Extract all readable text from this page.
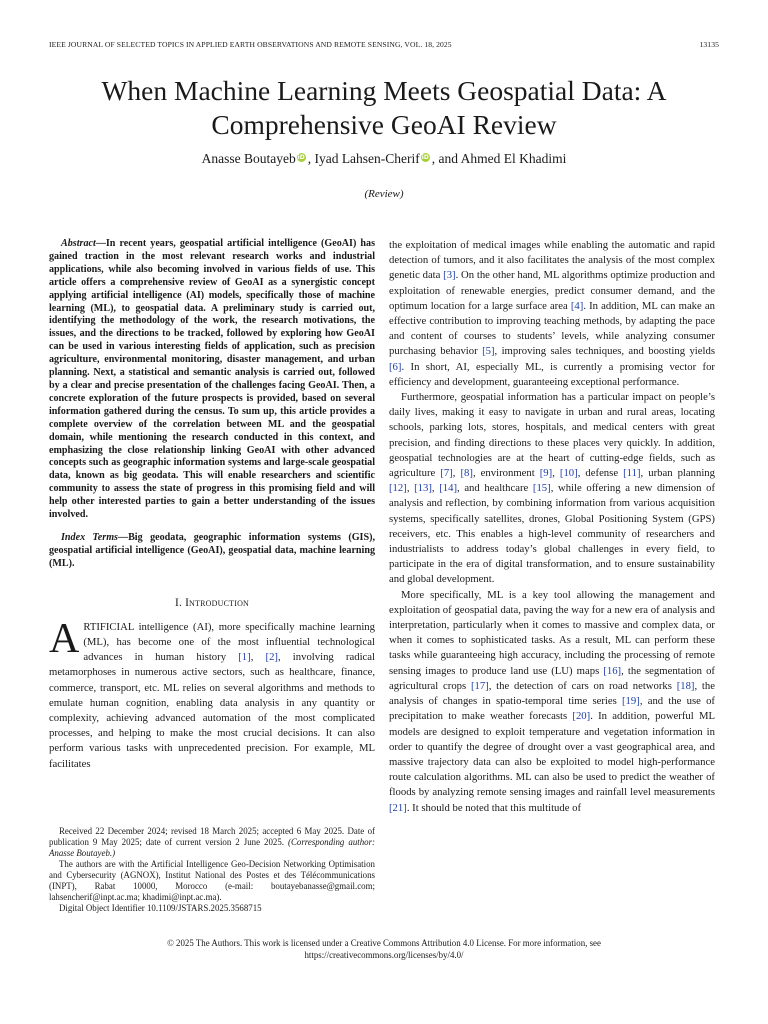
IEEE JOURNAL OF SELECTED TOPICS IN APPLIED EARTH OBSERVATIONS AND REMOTE SENSING, VOL. 18, 2025	13135
When Machine Learning Meets Geospatial Data: A
Comprehensive GeoAI Review
Anasse Boutayeb iD , Iyad Lahsen-Cherif iD , and Ahmed El Khadimi
(Review)

Abstract—In recent years, geospatial artificial intelligence (GeoAI) has gained traction in the most relevant research works and industrial applications, while also becoming involved in various fields of use. This article offers a comprehensive review of GeoAI as a synergistic concept applying artificial intelligence (AI) models, specifically those of machine learning (ML), to geospatial data. A preliminary study is carried out, identifying the methodology of the work, the research motivations, the issues, and the directions to be tracked, followed by exploring how GeoAI can be used in various interesting fields of application, such as precision agriculture, environmental monitoring, disaster management, and urban planning. Next, a statistical and semantic analysis is carried out, followed by a clear and precise presentation of the challenges facing GeoAI. Then, a concrete exploration of the future prospects is provided, based on several information gathered during the census. To sum up, this article provides a complete overview of the correlation between ML and the geospatial domain, while mentioning the research conducted in this context, and emphasizing the close relationship linking GeoAI with other advanced concepts such as geographic information systems and large-scale geospatial data, known as big geodata. This will enable researchers and scientific community to assess the state of progress in this promising field and will help other interested parties to gain a better understanding of the issues involved.

Index Terms—Big geodata, geographic information systems (GIS), geospatial artificial intelligence (GeoAI), geospatial data, machine learning (ML).

I. Introduction

ARTIFICIAL intelligence (AI), more specifically machine learning (ML), has become one of the most influential technological advances in human history [1], [2], involving radical metamorphoses in numerous active sectors, such as healthcare, finance, commerce, transport, etc. ML relies on several algorithms and methods to emulate human cognition, enabling data analysis in any quantity or complexity, achieving advanced automation of the most complicated processes, and helping to make the most crucial decisions. It can also perform various tasks with unprecedented precision. For example, ML facilitates

Received 22 December 2024; revised 18 March 2025; accepted 6 May 2025. Date of publication 9 May 2025; date of current version 2 June 2025. (Corresponding author: Anasse Boutayeb.)

The authors are with the Artificial Intelligence Geo-Decision Networking Optimisation and Cybersecurity (AGNOX), Institut National des Postes et des Télécommunications (INPT), Rabat 10000, Morocco (e-mail: boutayebanasse@gmail.com; lahsencherif@inpt.ac.ma; khadimi@inpt.ac.ma).

Digital Object Identifier 10.1109/JSTARS.2025.3568715

the exploitation of medical images while enabling the automatic and rapid detection of tumors, and it also facilitates the analysis of the most complex genetic data [3]. On the other hand, ML algorithms optimize production and exploitation of renewable energies, predict consumer demand, and the optimum location for a large surface area [4]. In addition, ML can make an effective contribution to improving teaching methods, by adapting the pace and content of courses to students’ levels, while analyzing consumer purchasing behavior [5], improving sales techniques, and boosting yields [6]. In short, AI, especially ML, is currently a promising vector for efficiency and development, guaranteeing exceptional performance.

Furthermore, geospatial information has a particular impact on people’s daily lives, making it easy to navigate in urban and rural areas, locating schools, parking lots, stores, hospitals, and medical centers with great precision, and finding directions to these places very quickly. In addition, geospatial technologies are at the heart of cutting-edge fields, such as agriculture [7], [8], environment [9], [10], defense [11], urban planning [12], [13], [14], and healthcare [15], while offering a new dimension of analysis and reflection, by combining information from various acquisition systems, specifically satellites, drones, Global Positioning System (GPS) receivers, etc. This enables a high-level community of researchers and industrialists to address today’s global challenges in every field, to participate in the era of digital transformation, and to ensure sustainability and global development.

More specifically, ML is a key tool allowing the management and exploitation of geospatial data, paving the way for a new era of analysis and interpretation, particularly when it comes to massive and complex data, or when it comes to sophisticated tasks. As a result, ML can perform these tasks while guaranteeing high accuracy, including the processing of remote sensing images to produce land use (LU) maps [16], the segmentation of agricultural crops [17], the detection of cars on road networks [18], the analysis of changes in spatio-temporal time series [19], and the use of precipitation to make weather forecasts [20]. In addition, powerful ML models are designed to exploit temperature and vegetation information in order to quantify the degree of drought over a vast geographical area, and massive trajectory data can also be exploited to model high-performance route calculation algorithms. ML can also be used to predict the weather of floods by analyzing remote sensing images and rainfall level measurements [21]. It should be noted that this multitude of

© 2025 The Authors. This work is licensed under a Creative Commons Attribution 4.0 License. For more information, see
https://creativecommons.org/licenses/by/4.0/
